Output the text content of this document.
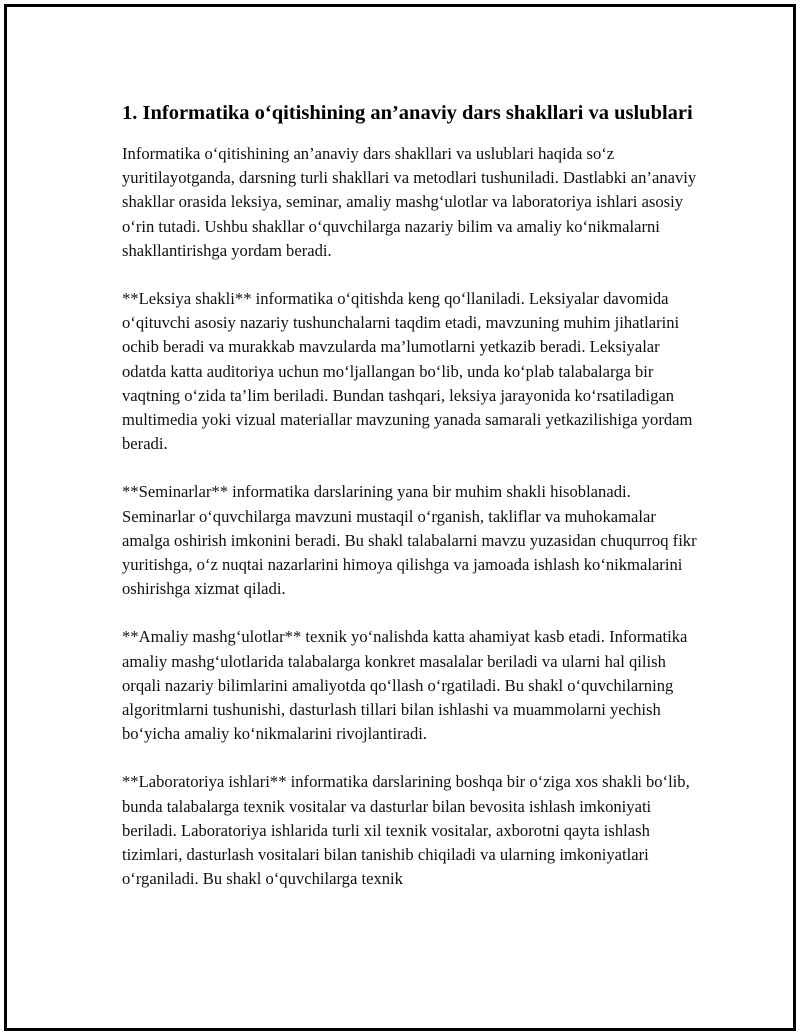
1. Informatika o‘qitishining an’anaviy dars shakllari va uslublari

Informatika o‘qitishining an’anaviy dars shakllari va uslublari haqida so‘z yuritilayotganda, darsning turli shakllari va metodlari tushuniladi. Dastlabki an’anaviy shakllar orasida leksiya, seminar, amaliy mashg‘ulotlar va laboratoriya ishlari asosiy o‘rin tutadi. Ushbu shakllar o‘quvchilarga nazariy bilim va amaliy ko‘nikmalarni shakllantirishga yordam beradi.

**Leksiya shakli** informatika o‘qitishda keng qo‘llaniladi. Leksiyalar davomida o‘qituvchi asosiy nazariy tushunchalarni taqdim etadi, mavzuning muhim jihatlarini ochib beradi va murakkab mavzularda ma’lumotlarni yetkazib beradi. Leksiyalar odatda katta auditoriya uchun mo‘ljallangan bo‘lib, unda ko‘plab talabalarga bir vaqtning o‘zida ta’lim beriladi. Bundan tashqari, leksiya jarayonida ko‘rsatiladigan multimedia yoki vizual materiallar mavzuning yanada samarali yetkazilishiga yordam beradi.

**Seminarlar** informatika darslarining yana bir muhim shakli hisoblanadi. Seminarlar o‘quvchilarga mavzuni mustaqil o‘rganish, takliflar va muhokamalar amalga oshirish imkonini beradi. Bu shakl talabalarni mavzu yuzasidan chuqurroq fikr yuritishga, o‘z nuqtai nazarlarini himoya qilishga va jamoada ishlash ko‘nikmalarini oshirishga xizmat qiladi.

**Amaliy mashg‘ulotlar** texnik yo‘nalishda katta ahamiyat kasb etadi. Informatika amaliy mashg‘ulotlarida talabalarga konkret masalalar beriladi va ularni hal qilish orqali nazariy bilimlarini amaliyotda qo‘llash o‘rgatiladi. Bu shakl o‘quvchilarning algoritmlarni tushunishi, dasturlash tillari bilan ishlashi va muammolarni yechish bo‘yicha amaliy ko‘nikmalarini rivojlantiradi.

**Laboratoriya ishlari** informatika darslarining boshqa bir o‘ziga xos shakli bo‘lib, bunda talabalarga texnik vositalar va dasturlar bilan bevosita ishlash imkoniyati beriladi. Laboratoriya ishlarida turli xil texnik vositalar, axborotni qayta ishlash tizimlari, dasturlash vositalari bilan tanishib chiqiladi va ularning imkoniyatlari o‘rganiladi. Bu shakl o‘quvchilarga texnik
